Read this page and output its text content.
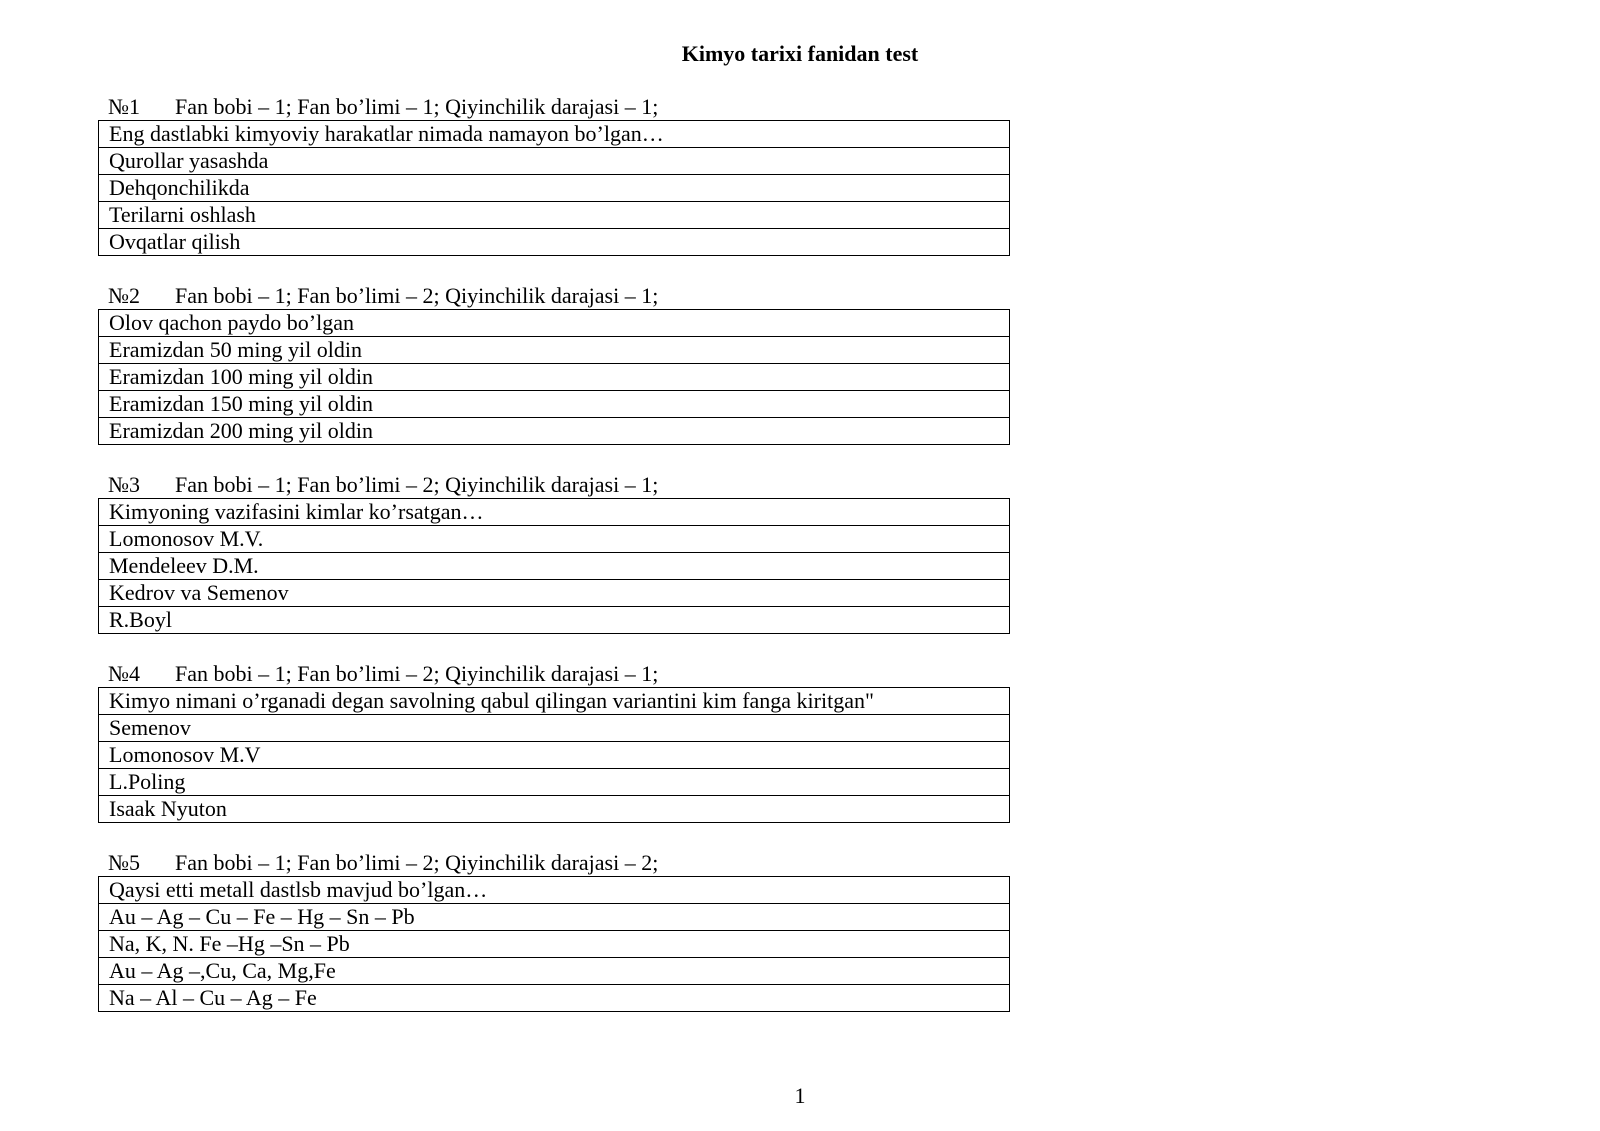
Kimyo tarixi fanidan test
№1 Fan bobi – 1; Fan bo’limi – 1; Qiyinchilik darajasi – 1;
Eng dastlabki kimyoviy harakatlar nimada namayon bo’lgan…
Qurollar yasashda
Dehqonchilikda
Terilarni oshlash
Ovqatlar qilish
№2 Fan bobi – 1; Fan bo’limi – 2; Qiyinchilik darajasi – 1;
Olov qachon paydo bo’lgan
Eramizdan 50 ming yil oldin
Eramizdan 100 ming yil oldin
Eramizdan 150 ming yil oldin
Eramizdan 200 ming yil oldin
№3 Fan bobi – 1; Fan bo’limi – 2; Qiyinchilik darajasi – 1;
Kimyoning vazifasini kimlar ko’rsatgan…
Lomonosov M.V.
Mendeleev D.M.
Kedrov va Semenov
R.Boyl
№4 Fan bobi – 1; Fan bo’limi – 2; Qiyinchilik darajasi – 1;
Kimyo nimani o’rganadi degan savolning qabul qilingan variantini kim fanga kiritgan"
Semenov
Lomonosov M.V
L.Poling
Isaak Nyuton
№5 Fan bobi – 1; Fan bo’limi – 2; Qiyinchilik darajasi – 2;
Qaysi etti metall dastlsb mavjud bo’lgan…
Au – Ag – Cu – Fe – Hg – Sn – Pb
Na, K, N. Fe –Hg –Sn – Pb
Au – Ag –,Cu, Ca, Mg,Fe
Na – Al – Cu – Ag – Fe
1
